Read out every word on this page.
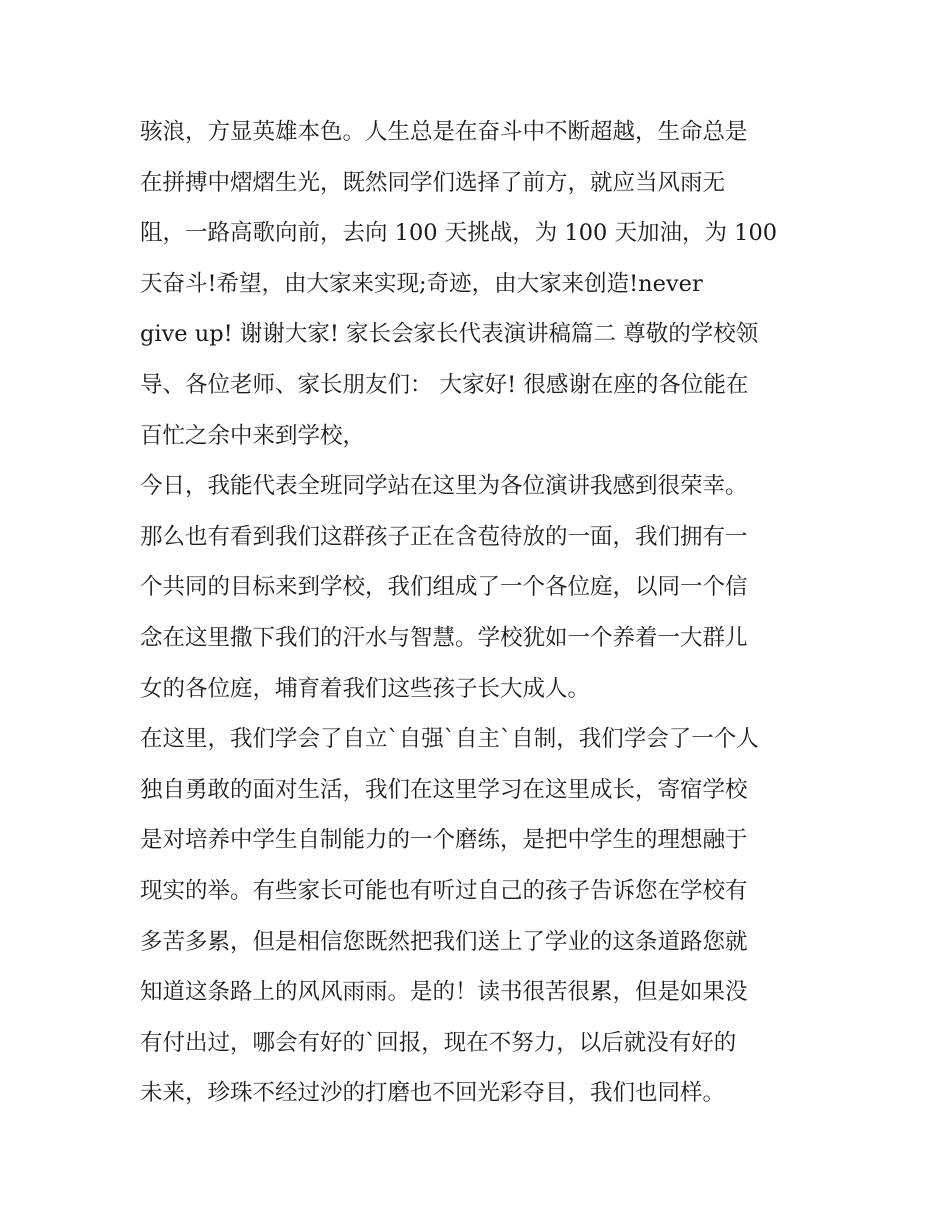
骇浪，方显英雄本色。人生总是在奋斗中不断超越，生命总是
在拼搏中熠熠生光，既然同学们选择了前方，就应当风雨无
阻，一路高歌向前，去向 100 天挑战，为 100 天加油，为 100
天奋斗!希望，由大家来实现;奇迹，由大家来创造!never
give up! 谢谢大家! 家长会家长代表演讲稿篇二 尊敬的学校领
导、各位老师、家长朋友们： 大家好! 很感谢在座的各位能在
百忙之余中来到学校，
今日，我能代表全班同学站在这里为各位演讲我感到很荣幸。
那么也有看到我们这群孩子正在含苞待放的一面，我们拥有一
个共同的目标来到学校，我们组成了一个各位庭，以同一个信
念在这里撒下我们的汗水与智慧。学校犹如一个养着一大群儿
女的各位庭，埔育着我们这些孩子长大成人。
在这里，我们学会了自立`自强`自主`自制，我们学会了一个人
独自勇敢的面对生活，我们在这里学习在这里成长，寄宿学校
是对培养中学生自制能力的一个磨练，是把中学生的理想融于
现实的举。有些家长可能也有听过自己的孩子告诉您在学校有
多苦多累，但是相信您既然把我们送上了学业的这条道路您就
知道这条路上的风风雨雨。是的！读书很苦很累，但是如果没
有付出过，哪会有好的`回报，现在不努力，以后就没有好的
未来，珍珠不经过沙的打磨也不回光彩夺目，我们也同样。
